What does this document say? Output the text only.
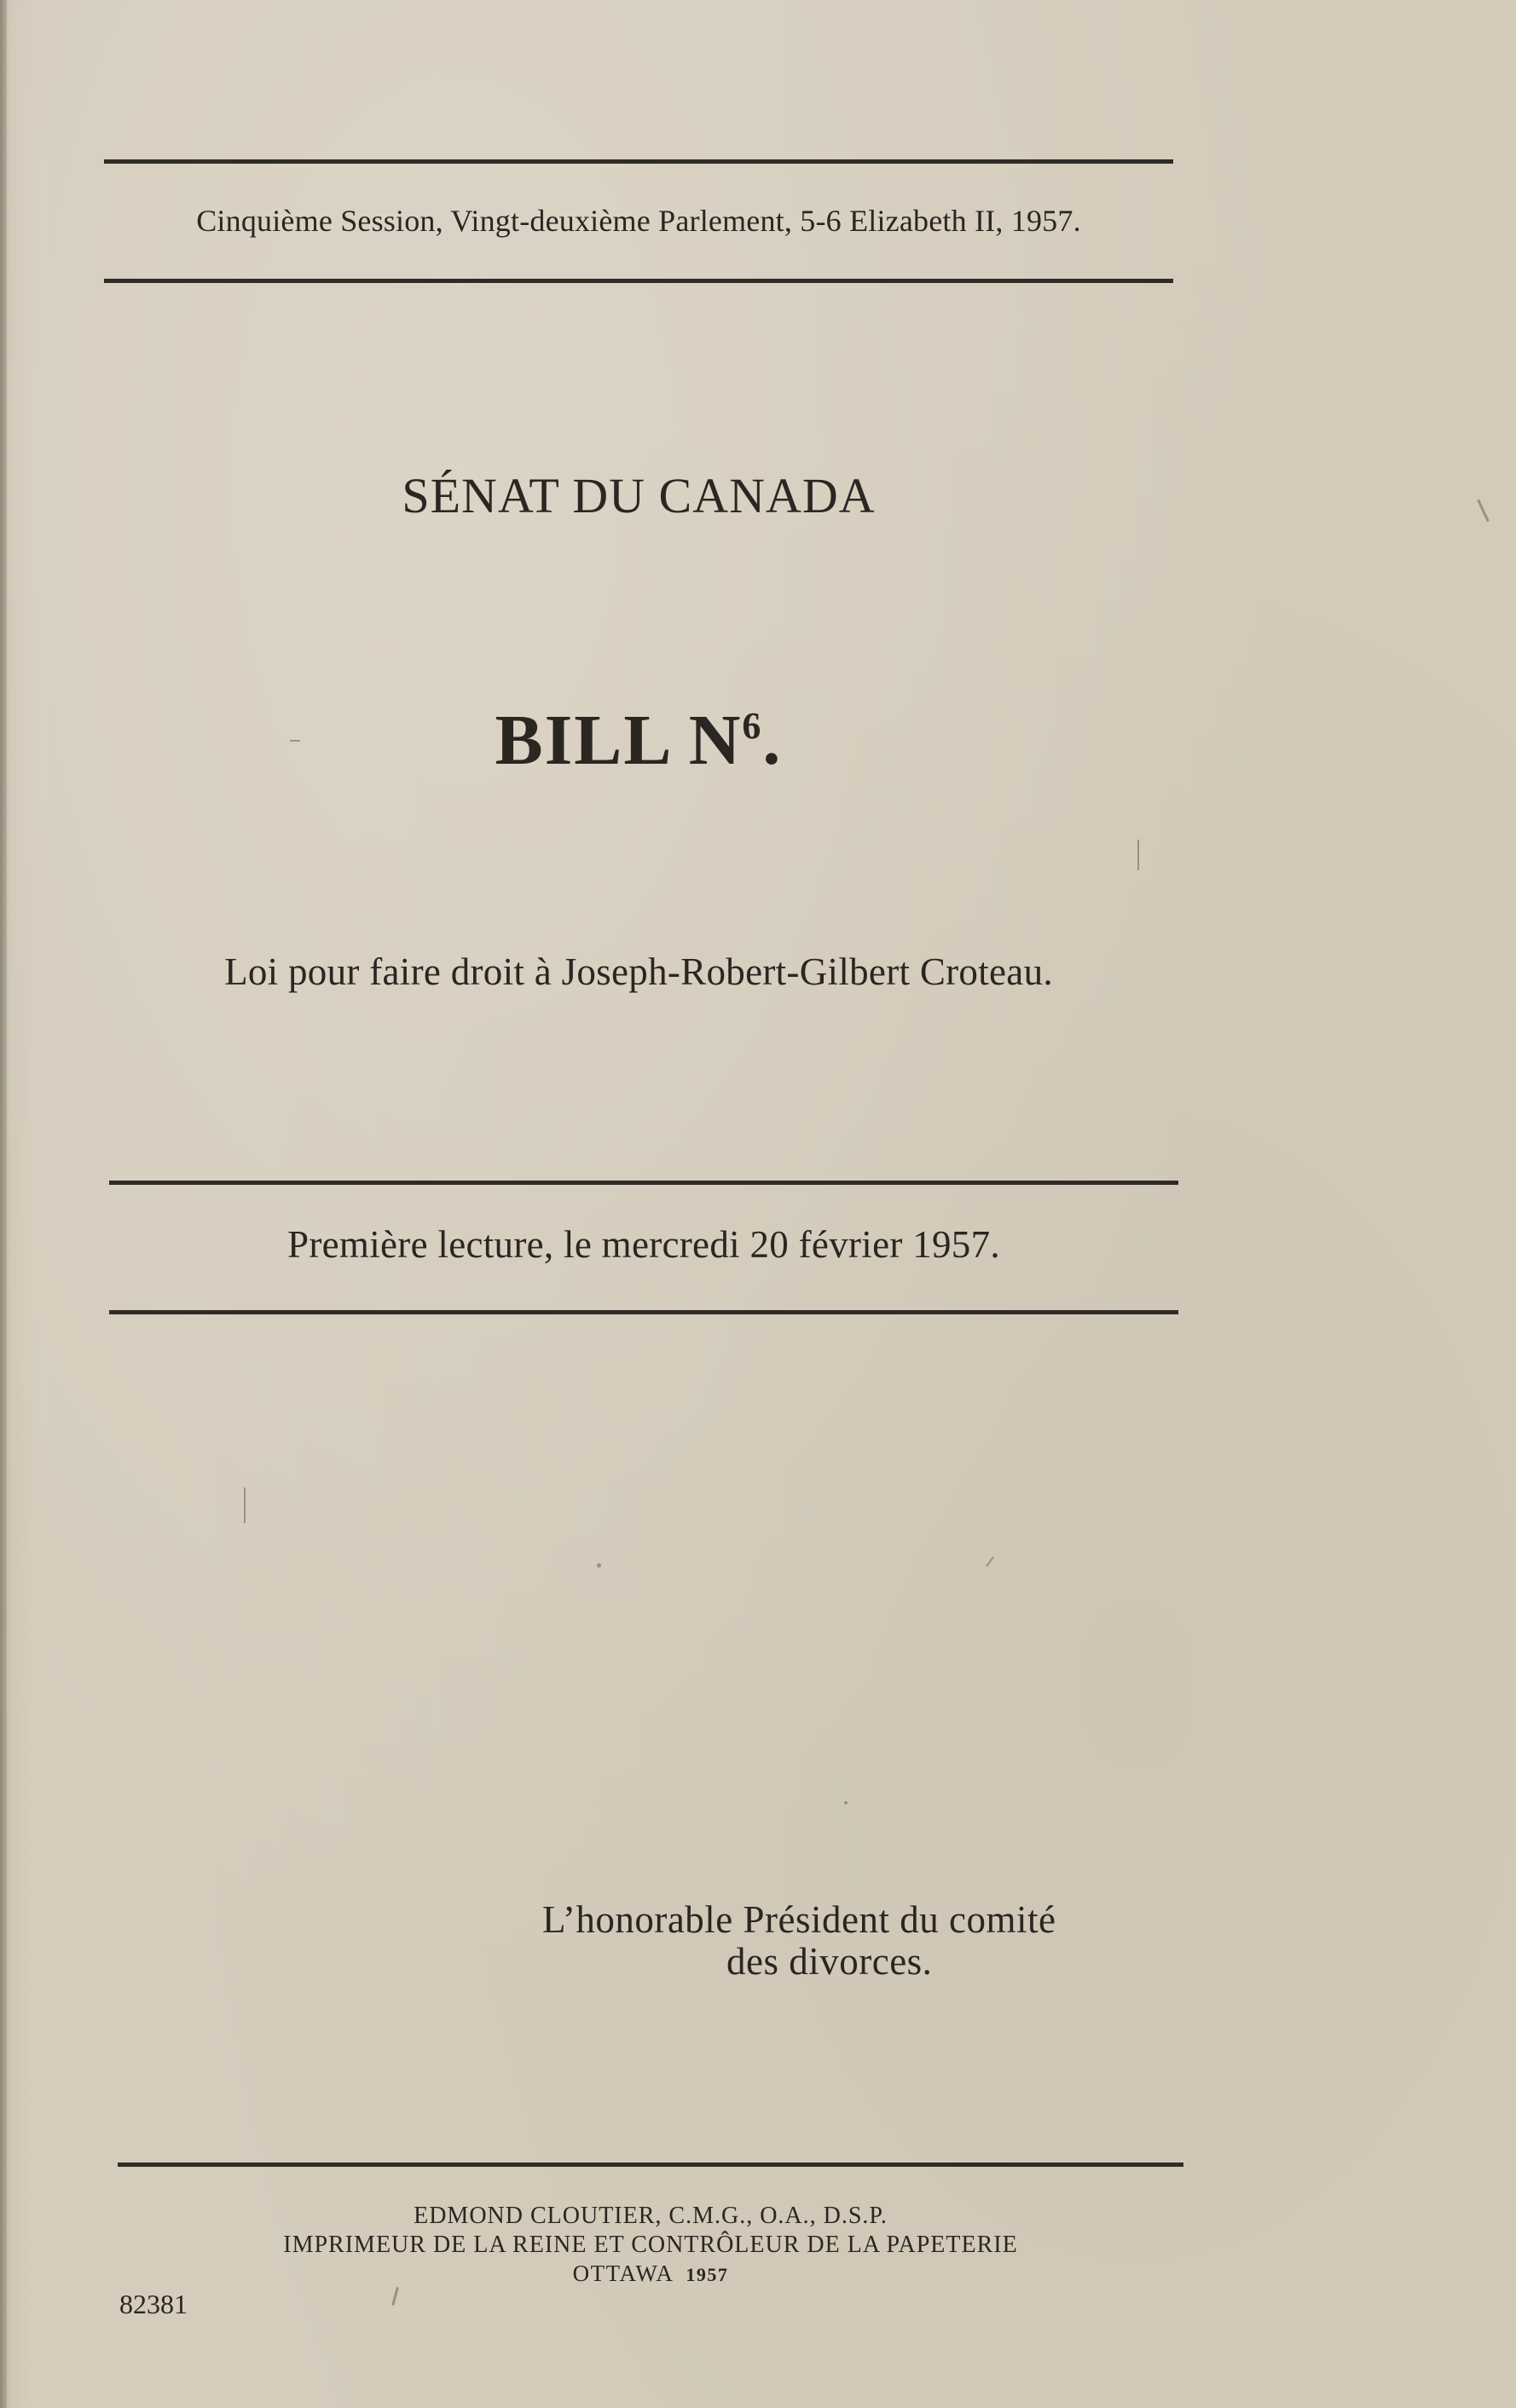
Cinquième Session, Vingt-deuxième Parlement, 5-6 Elizabeth II, 1957.
SÉNAT DU CANADA
BILL $N^6$.
Loi pour faire droit à Joseph-Robert-Gilbert Croteau.
Première lecture, le mercredi 20 février 1957.
L’honorable Président du comité
des divorces.
EDMOND CLOUTIER, C.M.G., O.A., D.S.P.
IMPRIMEUR DE LA REINE ET CONTRÔLEUR DE LA PAPETERIE
OTTAWA 1957
82381
